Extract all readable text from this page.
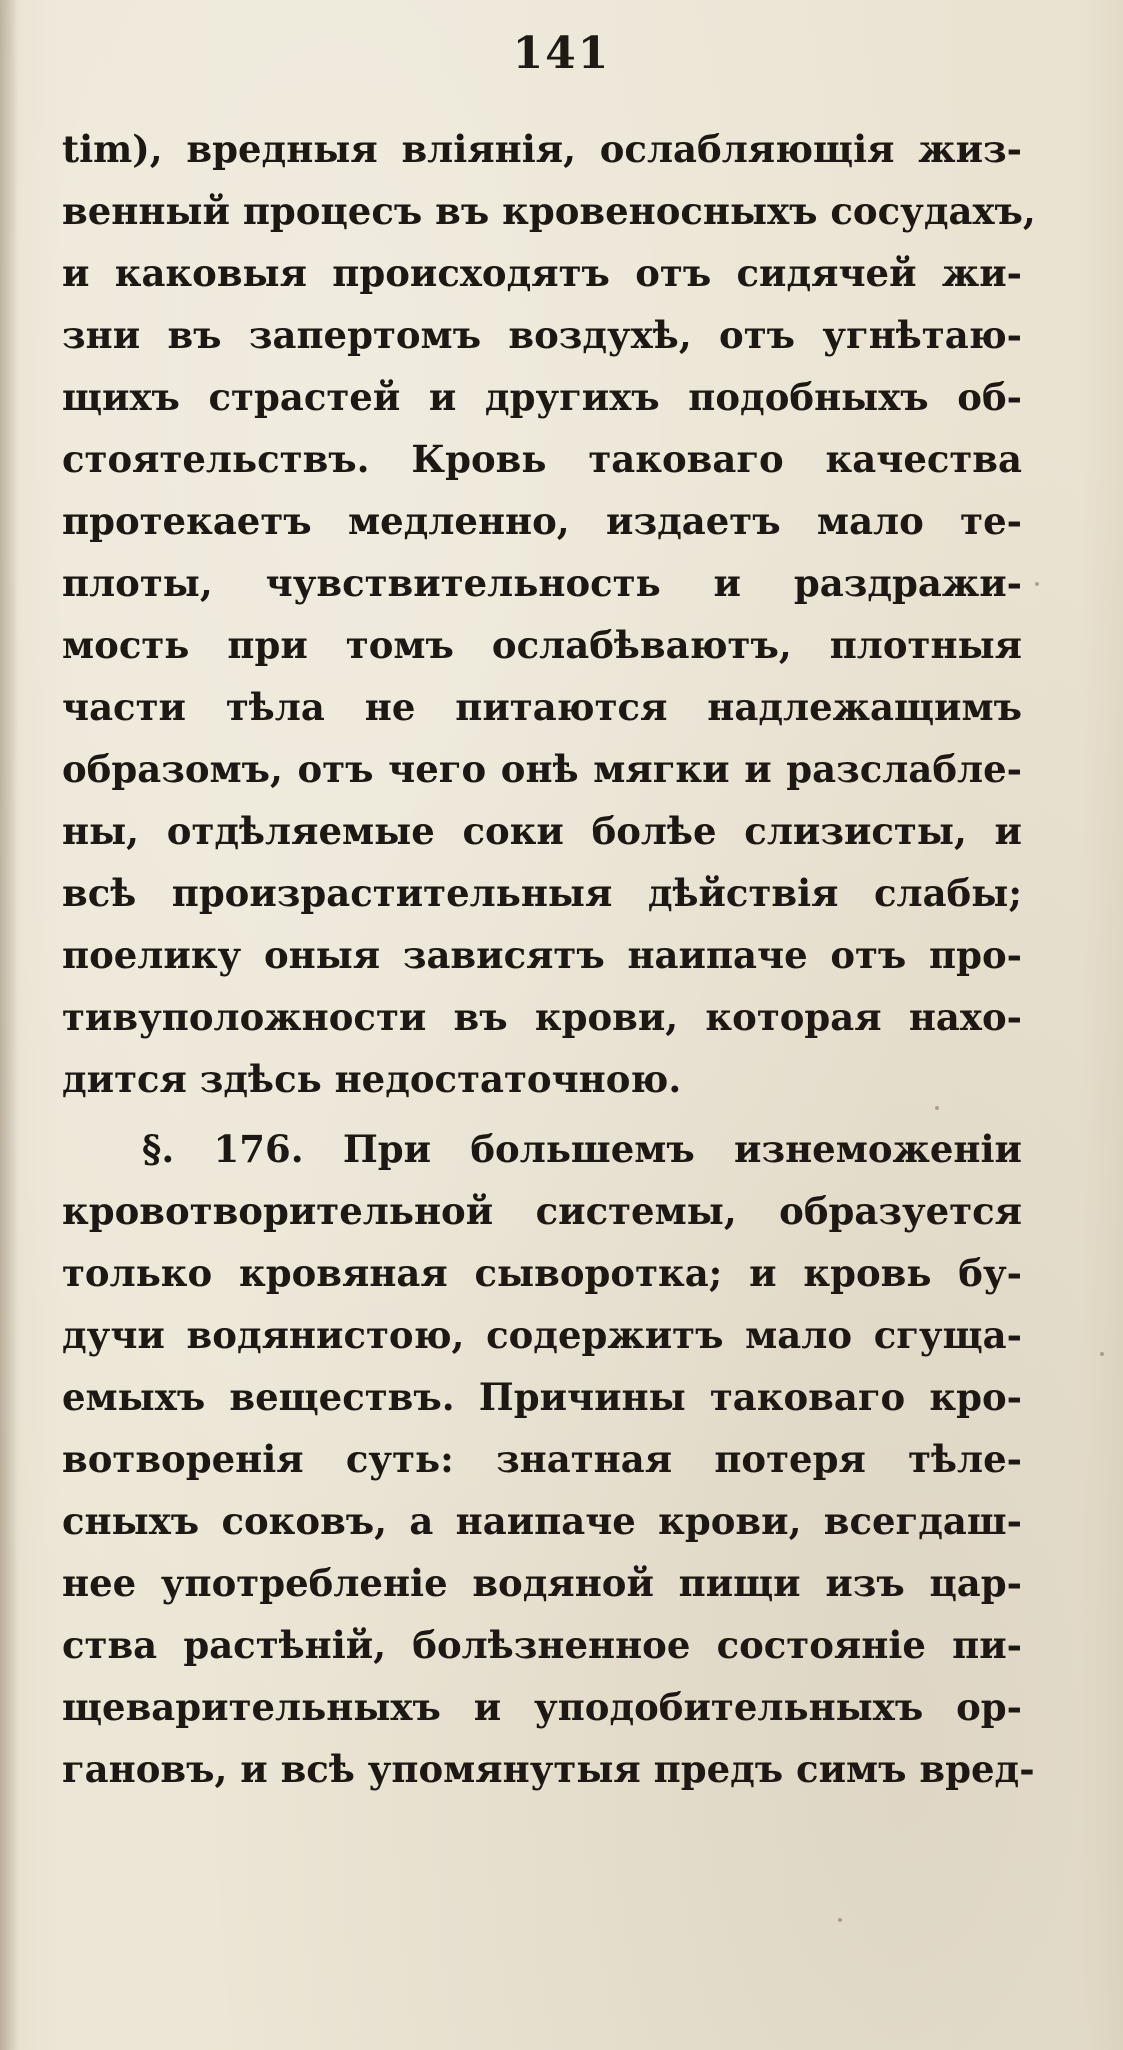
141
tim), вредныя вліянія, ослабляющія жиз-
венный процесъ въ кровеносныхъ сосудахъ,
и каковыя происходятъ отъ сидячей жи-
зни въ запертомъ воздухѣ, отъ угнѣтаю-
щихъ страстей и другихъ подобныхъ об-
стоятельствъ. Кровь таковаго качества
протекаетъ медленно, издаетъ мало те-
плоты, чувствительность и раздражи-
мость при томъ ослабѣваютъ, плотныя
части тѣла не питаются надлежащимъ
образомъ, отъ чего онѣ мягки и разслабле-
ны, отдѣляемые соки болѣе слизисты, и
всѣ произрастительныя дѣйствія слабы;
поелику оныя зависятъ наипаче отъ про-
тивуположности въ крови, которая нахо-
дится здѣсь недостаточною.
§. 176. При большемъ изнеможеніи
кровотворительной системы, образуется
только кровяная сыворотка; и кровь бу-
дучи водянистою, содержитъ мало сгуща-
емыхъ веществъ. Причины таковаго кро-
вотворенія суть: знатная потеря тѣле-
сныхъ соковъ, а наипаче крови, всегдаш-
нее употребленіе водяной пищи изъ цар-
ства растѣній, болѣзненное состояніе пи-
щеварительныхъ и уподобительныхъ ор-
гановъ, и всѣ упомянутыя предъ симъ вред-
